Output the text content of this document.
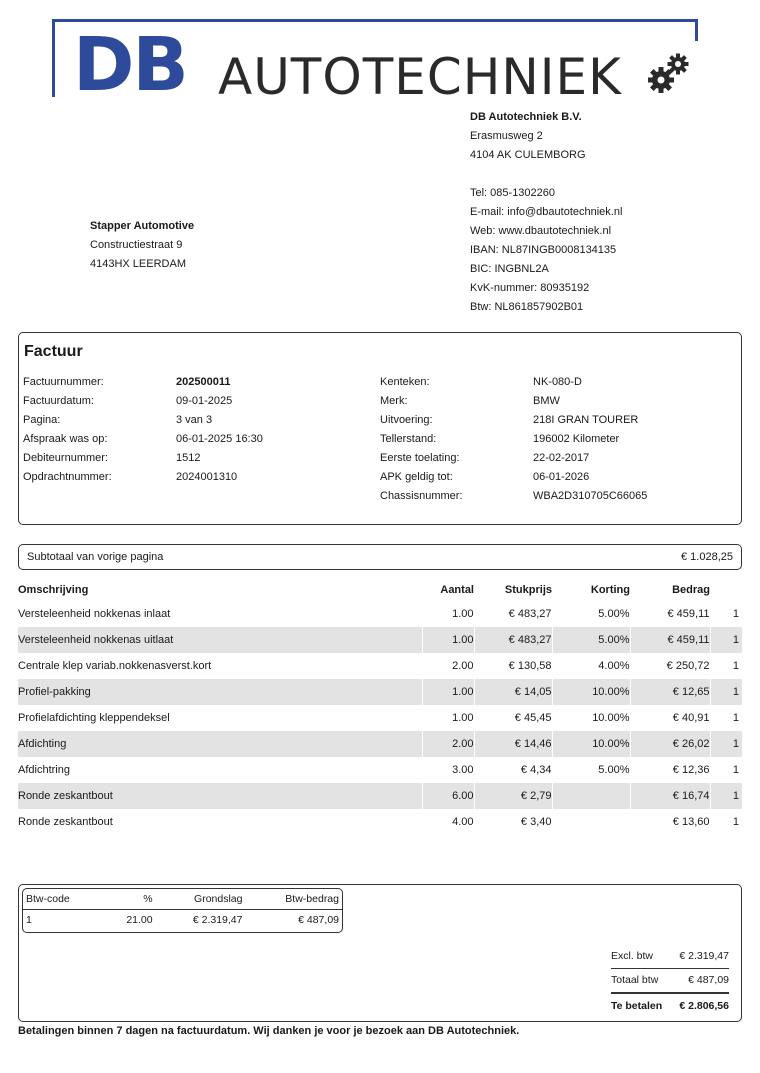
DB AUTOTECHNIEK
DB Autotechniek B.V.
Erasmusweg 2
4104 AK CULEMBORG
Tel: 085-1302260
E-mail: info@dbautotechniek.nl
Web: www.dbautotechniek.nl
IBAN: NL87INGB0008134135
BIC: INGBNL2A
KvK-nummer: 80935192
Btw: NL861857902B01
Stapper Automotive
Constructiestraat 9
4143HX LEERDAM
Factuur
Factuurnummer:	202500011
Factuurdatum:	09-01-2025
Pagina:	3 van 3
Afspraak was op:	06-01-2025 16:30
Debiteurnummer:	1512
Opdrachtnummer:	2024001310
Kenteken:	NK-080-D
Merk:	BMW
Uitvoering:	218I GRAN TOURER
Tellerstand:	196002 Kilometer
Eerste toelating:	22-02-2017
APK geldig tot:	06-01-2026
Chassisnummer:	WBA2D310705C66065
Subtotaal van vorige pagina	€ 1.028,25
Omschrijving	Aantal	Stukprijs	Korting	Bedrag	
Versteleenheid nokkenas inlaat	1.00	€ 483,27	5.00%	€ 459,11	1
Versteleenheid nokkenas uitlaat	1.00	€ 483,27	5.00%	€ 459,11	1
Centrale klep variab.nokkenasverst.kort	2.00	€ 130,58	4.00%	€ 250,72	1
Profiel-pakking	1.00	€ 14,05	10.00%	€ 12,65	1
Profielafdichting kleppendeksel	1.00	€ 45,45	10.00%	€ 40,91	1
Afdichting	2.00	€ 14,46	10.00%	€ 26,02	1
Afdichtring	3.00	€ 4,34	5.00%	€ 12,36	1
Ronde zeskantbout	6.00	€ 2,79		€ 16,74	1
Ronde zeskantbout	4.00	€ 3,40		€ 13,60	1
Btw-code	%	Grondslag	Btw-bedrag
1	21.00	€ 2.319,47	€ 487,09
Excl. btw	€ 2.319,47
Totaal btw	€ 487,09
Te betalen € 2.806,56
Betalingen binnen 7 dagen na factuurdatum. Wij danken je voor je bezoek aan DB Autotechniek.
